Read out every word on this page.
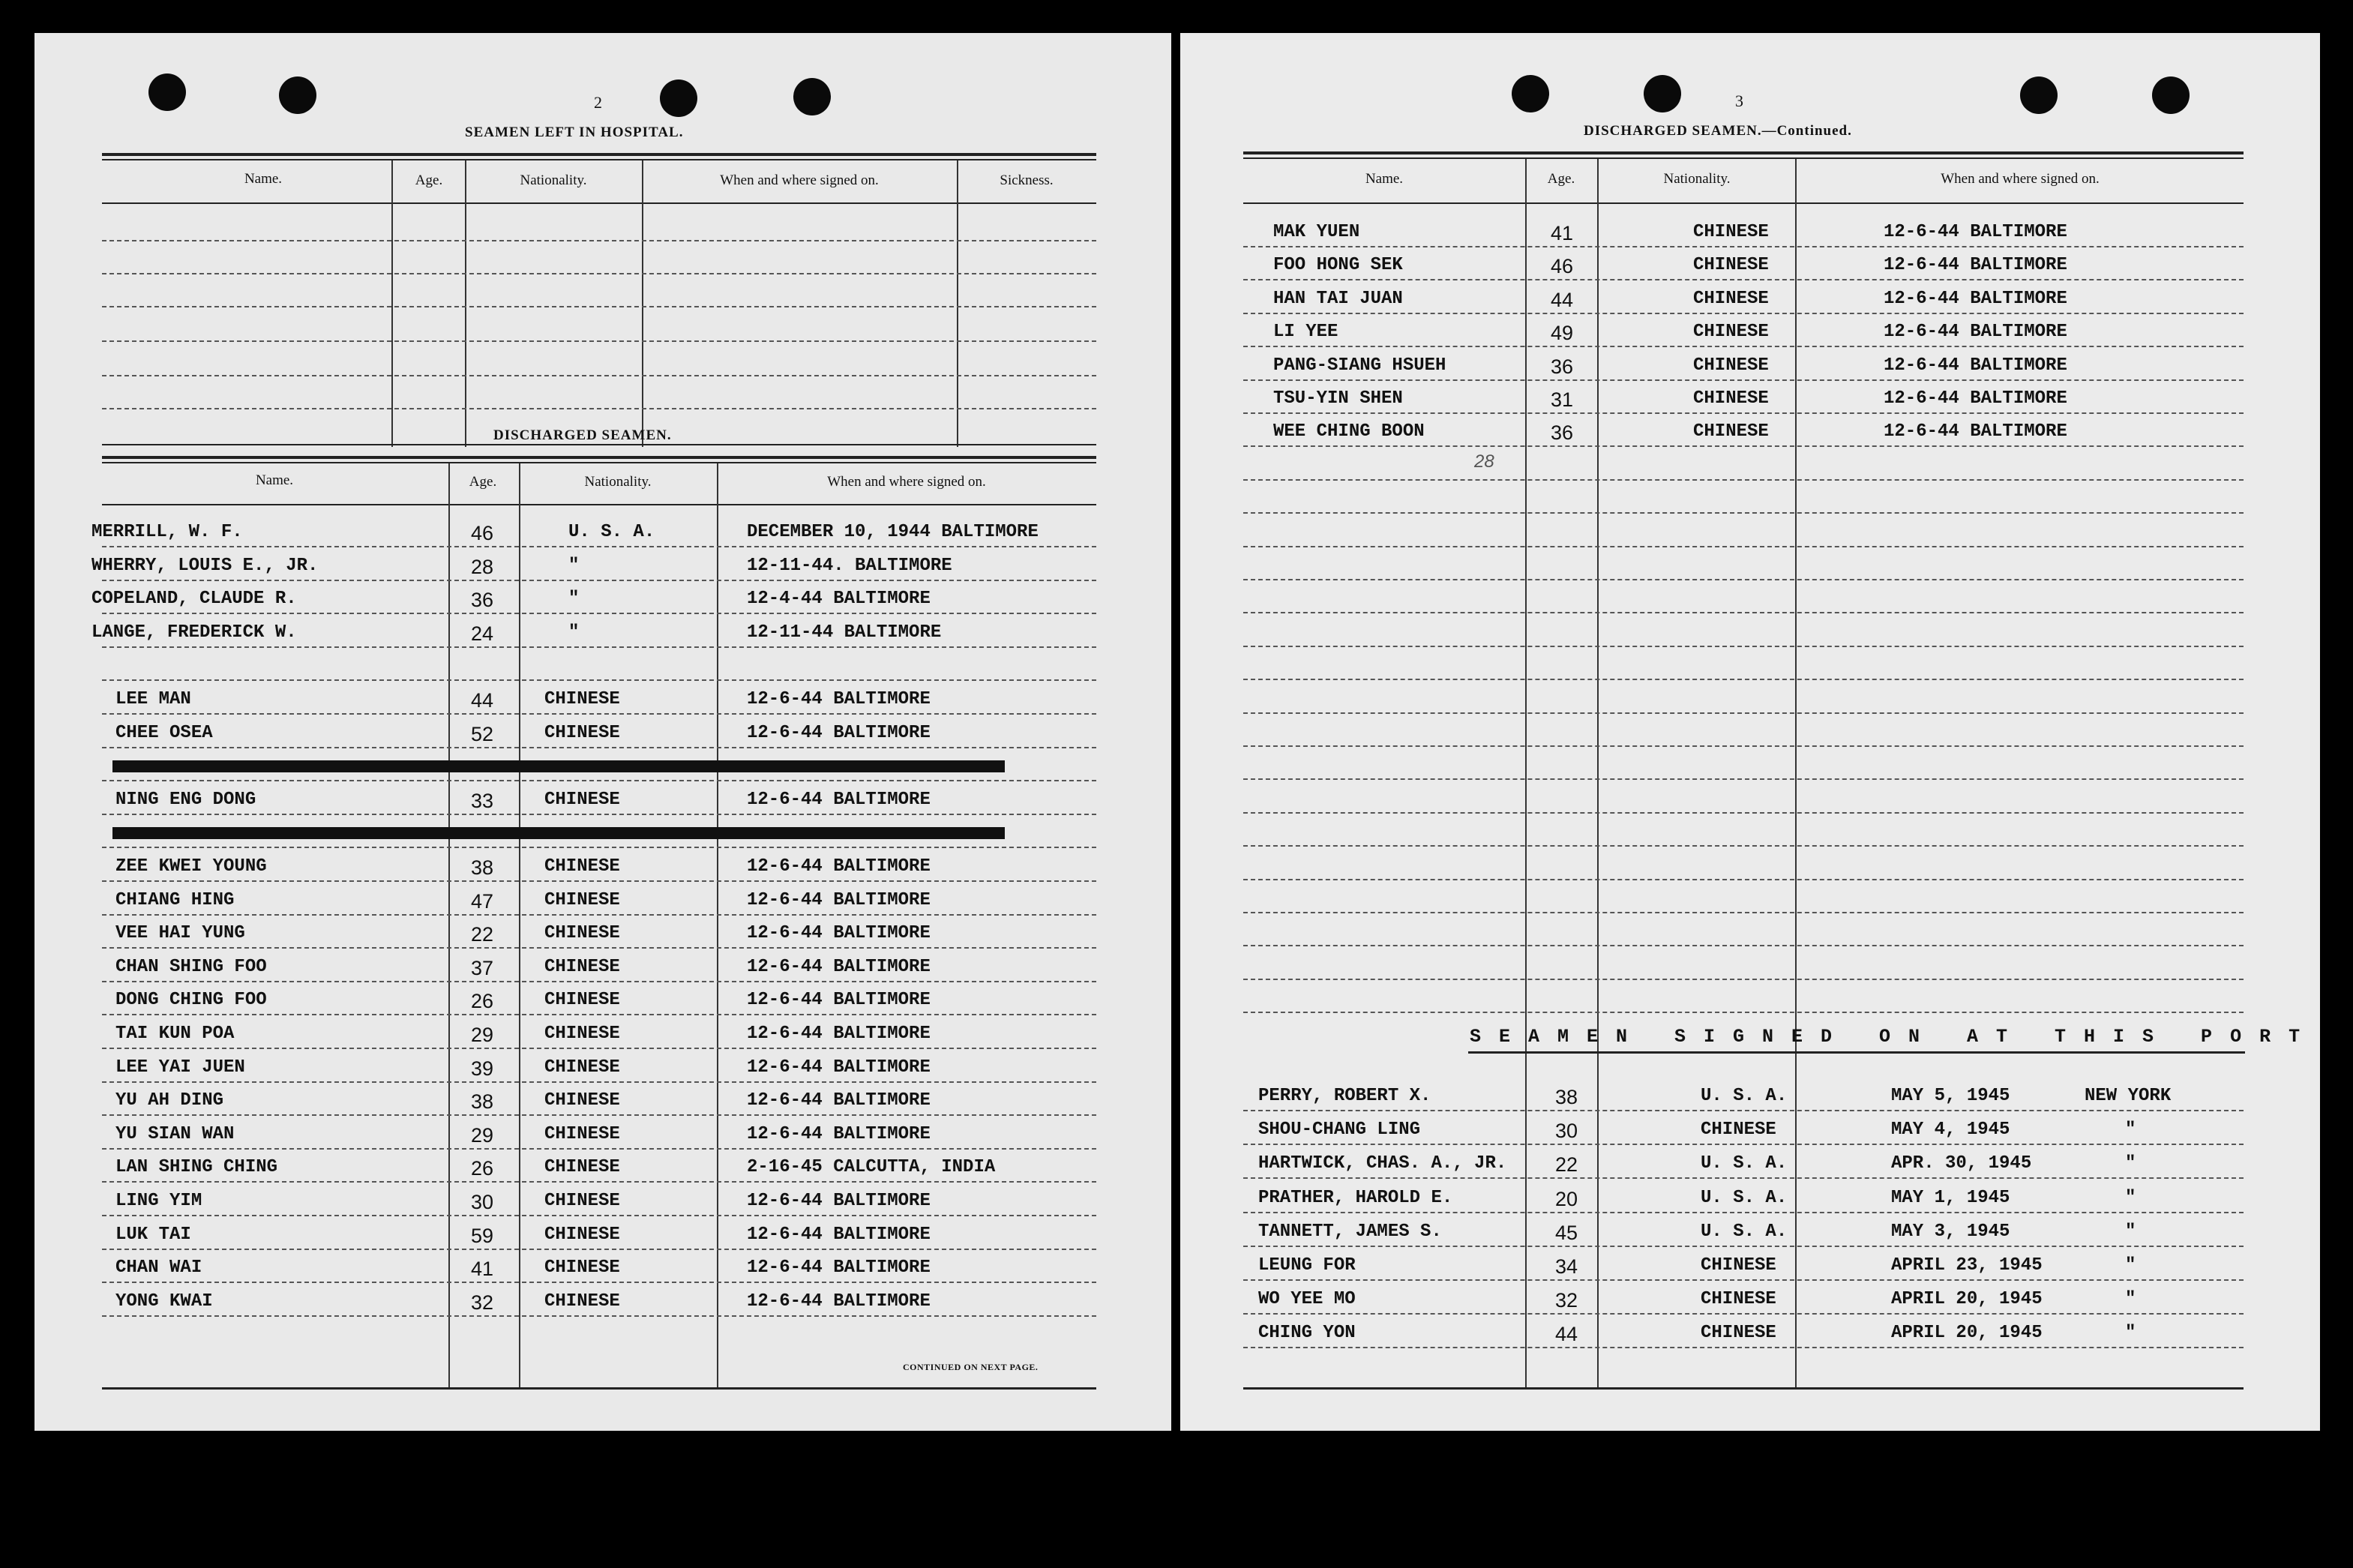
2
SEAMEN LEFT IN HOSPITAL.
Name.	Age.	Nationality.	When and where signed on.	Sickness.
DISCHARGED SEAMEN.
Name.	Age.	Nationality.	When and where signed on.
MERRILL, W. F.	46	U. S. A.	DECEMBER 10, 1944 BALTIMORE
WHERRY, LOUIS E., JR.	28	"	12-11-44. BALTIMORE
COPELAND, CLAUDE R.	36	"	12-4-44 BALTIMORE
LANGE, FREDERICK W.	24	"	12-11-44 BALTIMORE
LEE MAN	44	CHINESE	12-6-44 BALTIMORE
CHEE OSEA	52	CHINESE	12-6-44 BALTIMORE
NING ENG DONG	33	CHINESE	12-6-44 BALTIMORE
ZEE KWEI YOUNG	38	CHINESE	12-6-44 BALTIMORE
CHIANG HING	47	CHINESE	12-6-44 BALTIMORE
VEE HAI YUNG	22	CHINESE	12-6-44 BALTIMORE
CHAN SHING FOO	37	CHINESE	12-6-44 BALTIMORE
DONG CHING FOO	26	CHINESE	12-6-44 BALTIMORE
TAI KUN POA	29	CHINESE	12-6-44 BALTIMORE
LEE YAI JUEN	39	CHINESE	12-6-44 BALTIMORE
YU AH DING	38	CHINESE	12-6-44 BALTIMORE
YU SIAN WAN	29	CHINESE	12-6-44 BALTIMORE
LAN SHING CHING	26	CHINESE	2-16-45 CALCUTTA, INDIA
LING YIM	30	CHINESE	12-6-44 BALTIMORE
LUK TAI	59	CHINESE	12-6-44 BALTIMORE
CHAN WAI	41	CHINESE	12-6-44 BALTIMORE
YONG KWAI	32	CHINESE	12-6-44 BALTIMORE
CONTINUED ON NEXT PAGE.
3
DISCHARGED SEAMEN.—Continued.
Name.	Age.	Nationality.	When and where signed on.
MAK YUEN	41	CHINESE	12-6-44 BALTIMORE
FOO HONG SEK	46	CHINESE	12-6-44 BALTIMORE
HAN TAI JUAN	44	CHINESE	12-6-44 BALTIMORE
LI YEE	49	CHINESE	12-6-44 BALTIMORE
PANG-SIANG HSUEH	36	CHINESE	12-6-44 BALTIMORE
TSU-YIN SHEN	31	CHINESE	12-6-44 BALTIMORE
WEE CHING BOON	36	CHINESE	12-6-44 BALTIMORE
28
SEAMEN SIGNED ON AT THIS PORT
PERRY, ROBERT X.	38	U. S. A.	MAY 5, 1945	NEW YORK
SHOU-CHANG LING	30	CHINESE	MAY 4, 1945	"
HARTWICK, CHAS. A., JR. 22	U. S. A.	APR. 30, 1945	"
PRATHER, HAROLD E.	20	U. S. A.	MAY 1, 1945	"
TANNETT, JAMES S.	45	U. S. A.	MAY 3, 1945	"
LEUNG FOR	34	CHINESE	APRIL 23, 1945	"
WO YEE MO	32	CHINESE	APRIL 20, 1945	"
CHING YON	44	CHINESE	APRIL 20, 1945	"
